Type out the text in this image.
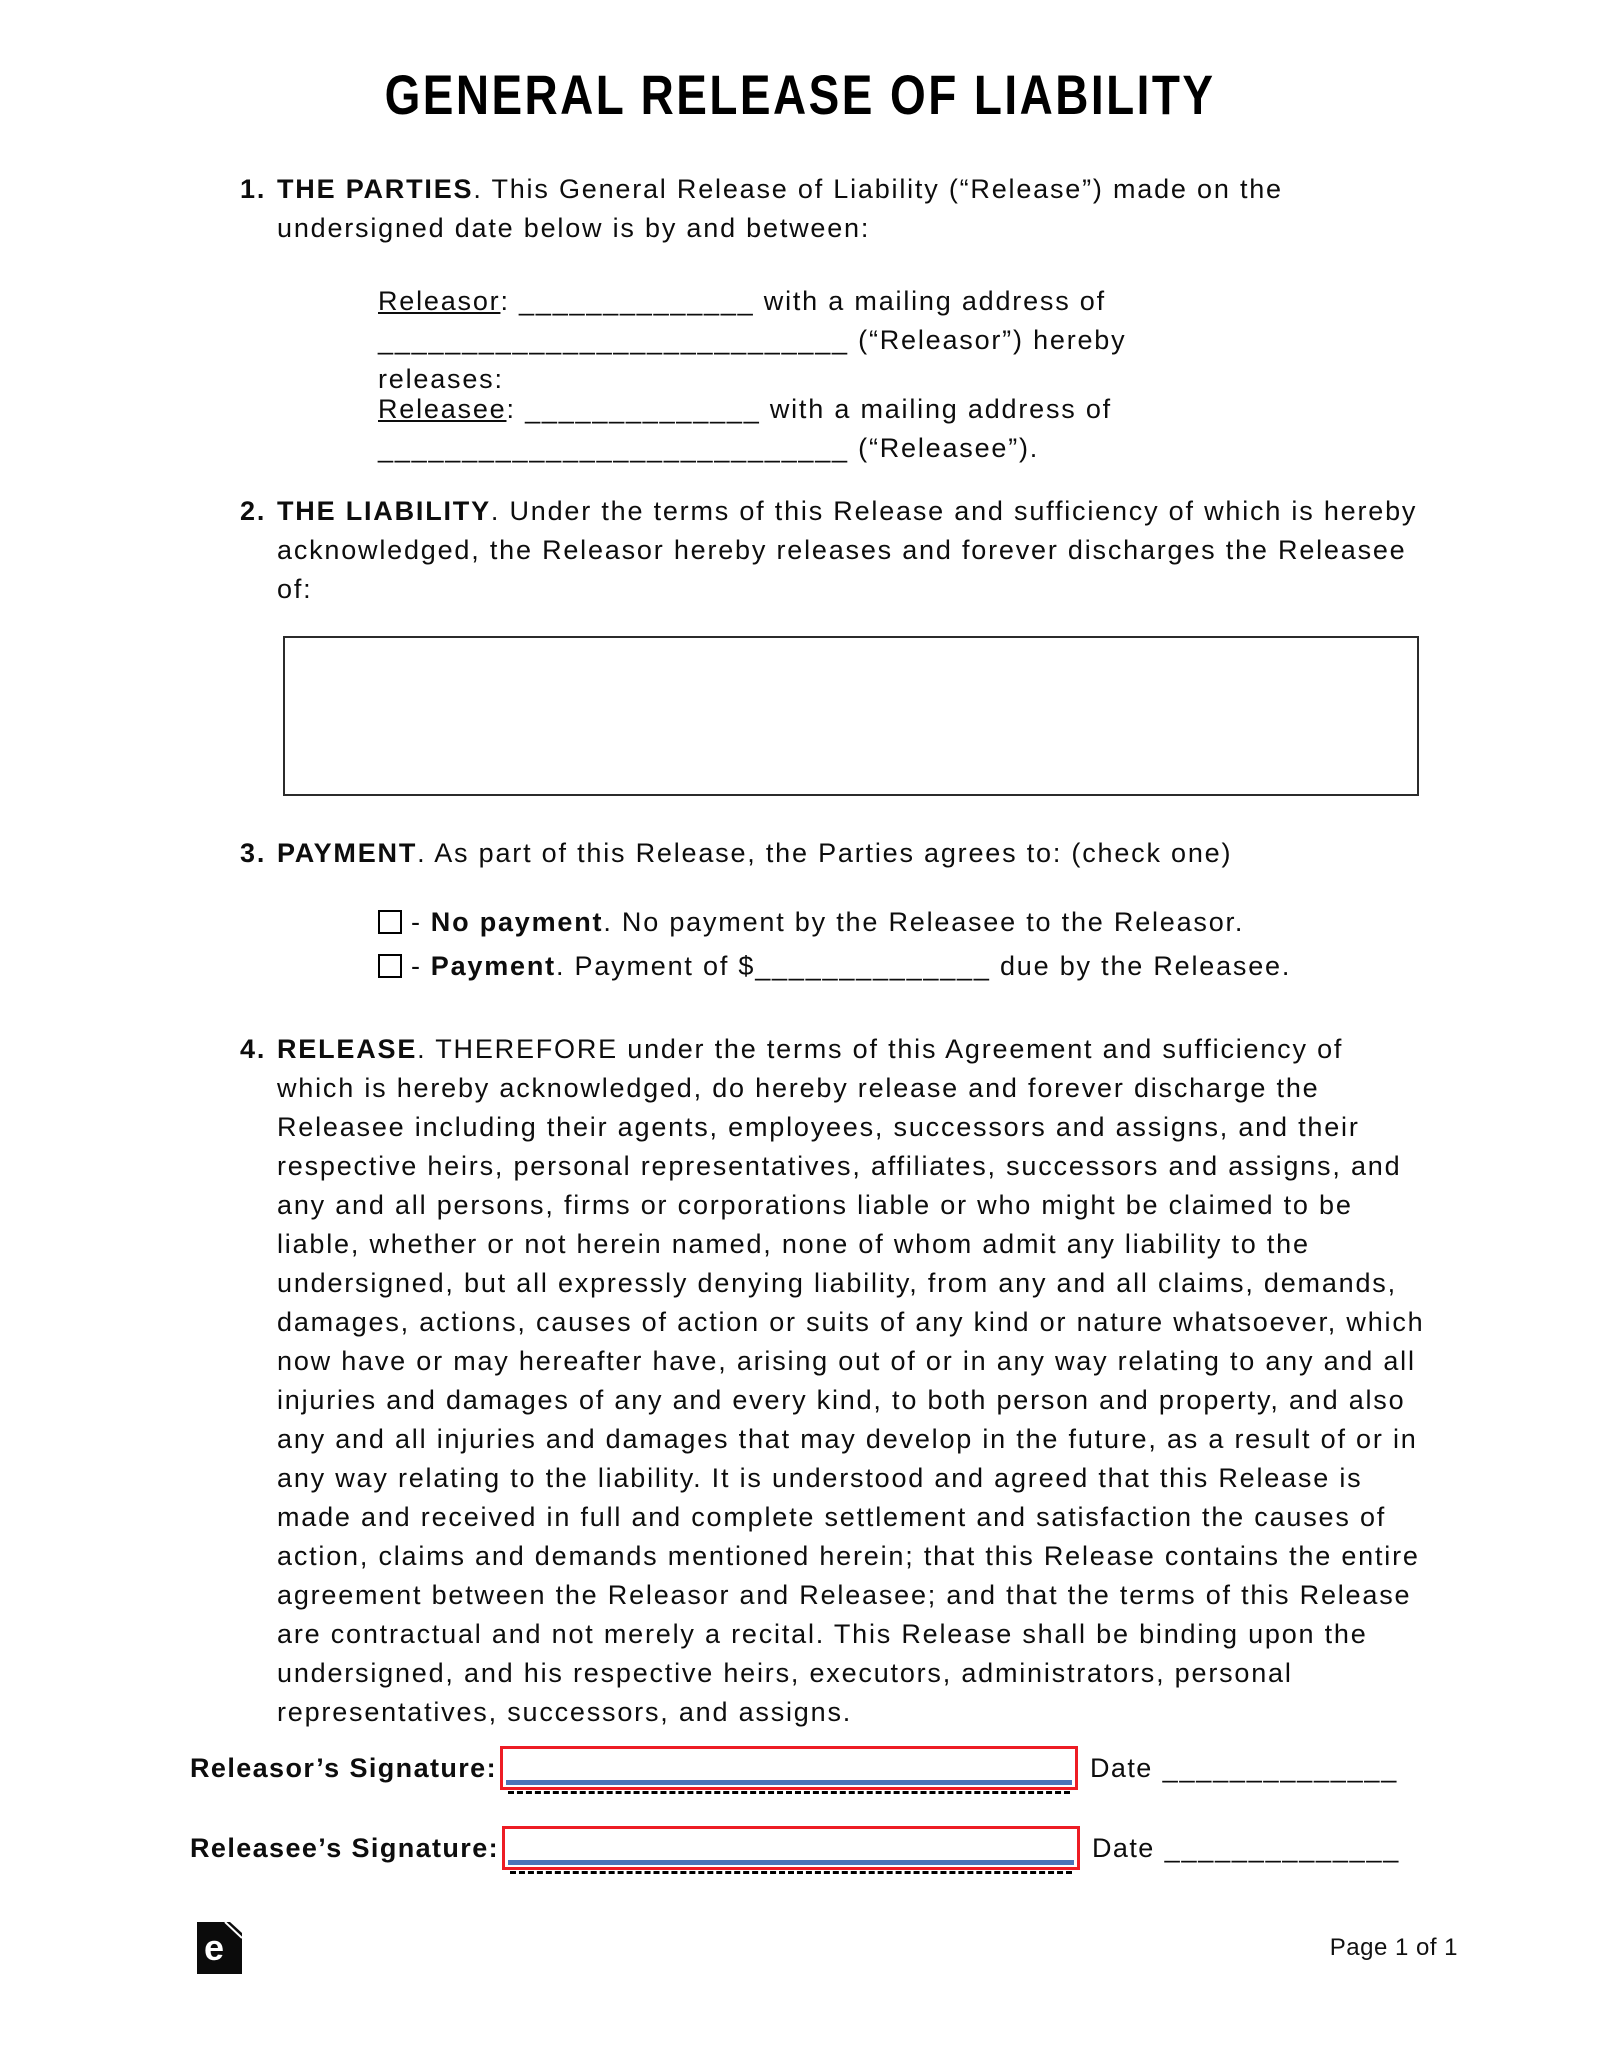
GENERAL RELEASE OF LIABILITY
1. THE PARTIES. This General Release of Liability (“Release”) made on the undersigned date below is by and between:
Releasor: ______________ with a mailing address of ____________________________ (“Releasor”) hereby releases:
Releasee: ______________ with a mailing address of ____________________________ (“Releasee”).
2. THE LIABILITY. Under the terms of this Release and sufficiency of which is hereby acknowledged, the Releasor hereby releases and forever discharges the Releasee of:
3. PAYMENT. As part of this Release, the Parties agrees to: (check one)
- No payment. No payment by the Releasee to the Releasor.
- Payment. Payment of $______________ due by the Releasee.
4. RELEASE. THEREFORE under the terms of this Agreement and sufficiency of which is hereby acknowledged, do hereby release and forever discharge the Releasee including their agents, employees, successors and assigns, and their respective heirs, personal representatives, affiliates, successors and assigns, and any and all persons, firms or corporations liable or who might be claimed to be liable, whether or not herein named, none of whom admit any liability to the undersigned, but all expressly denying liability, from any and all claims, demands, damages, actions, causes of action or suits of any kind or nature whatsoever, which now have or may hereafter have, arising out of or in any way relating to any and all injuries and damages of any and every kind, to both person and property, and also any and all injuries and damages that may develop in the future, as a result of or in any way relating to the liability. It is understood and agreed that this Release is made and received in full and complete settlement and satisfaction the causes of action, claims and demands mentioned herein; that this Release contains the entire agreement between the Releasor and Releasee; and that the terms of this Release are contractual and not merely a recital. This Release shall be binding upon the undersigned, and his respective heirs, executors, administrators, personal representatives, successors, and assigns.
Releasor’s Signature:	Date ______________
Releasee’s Signature:	Date ______________
e	Page 1 of 1
